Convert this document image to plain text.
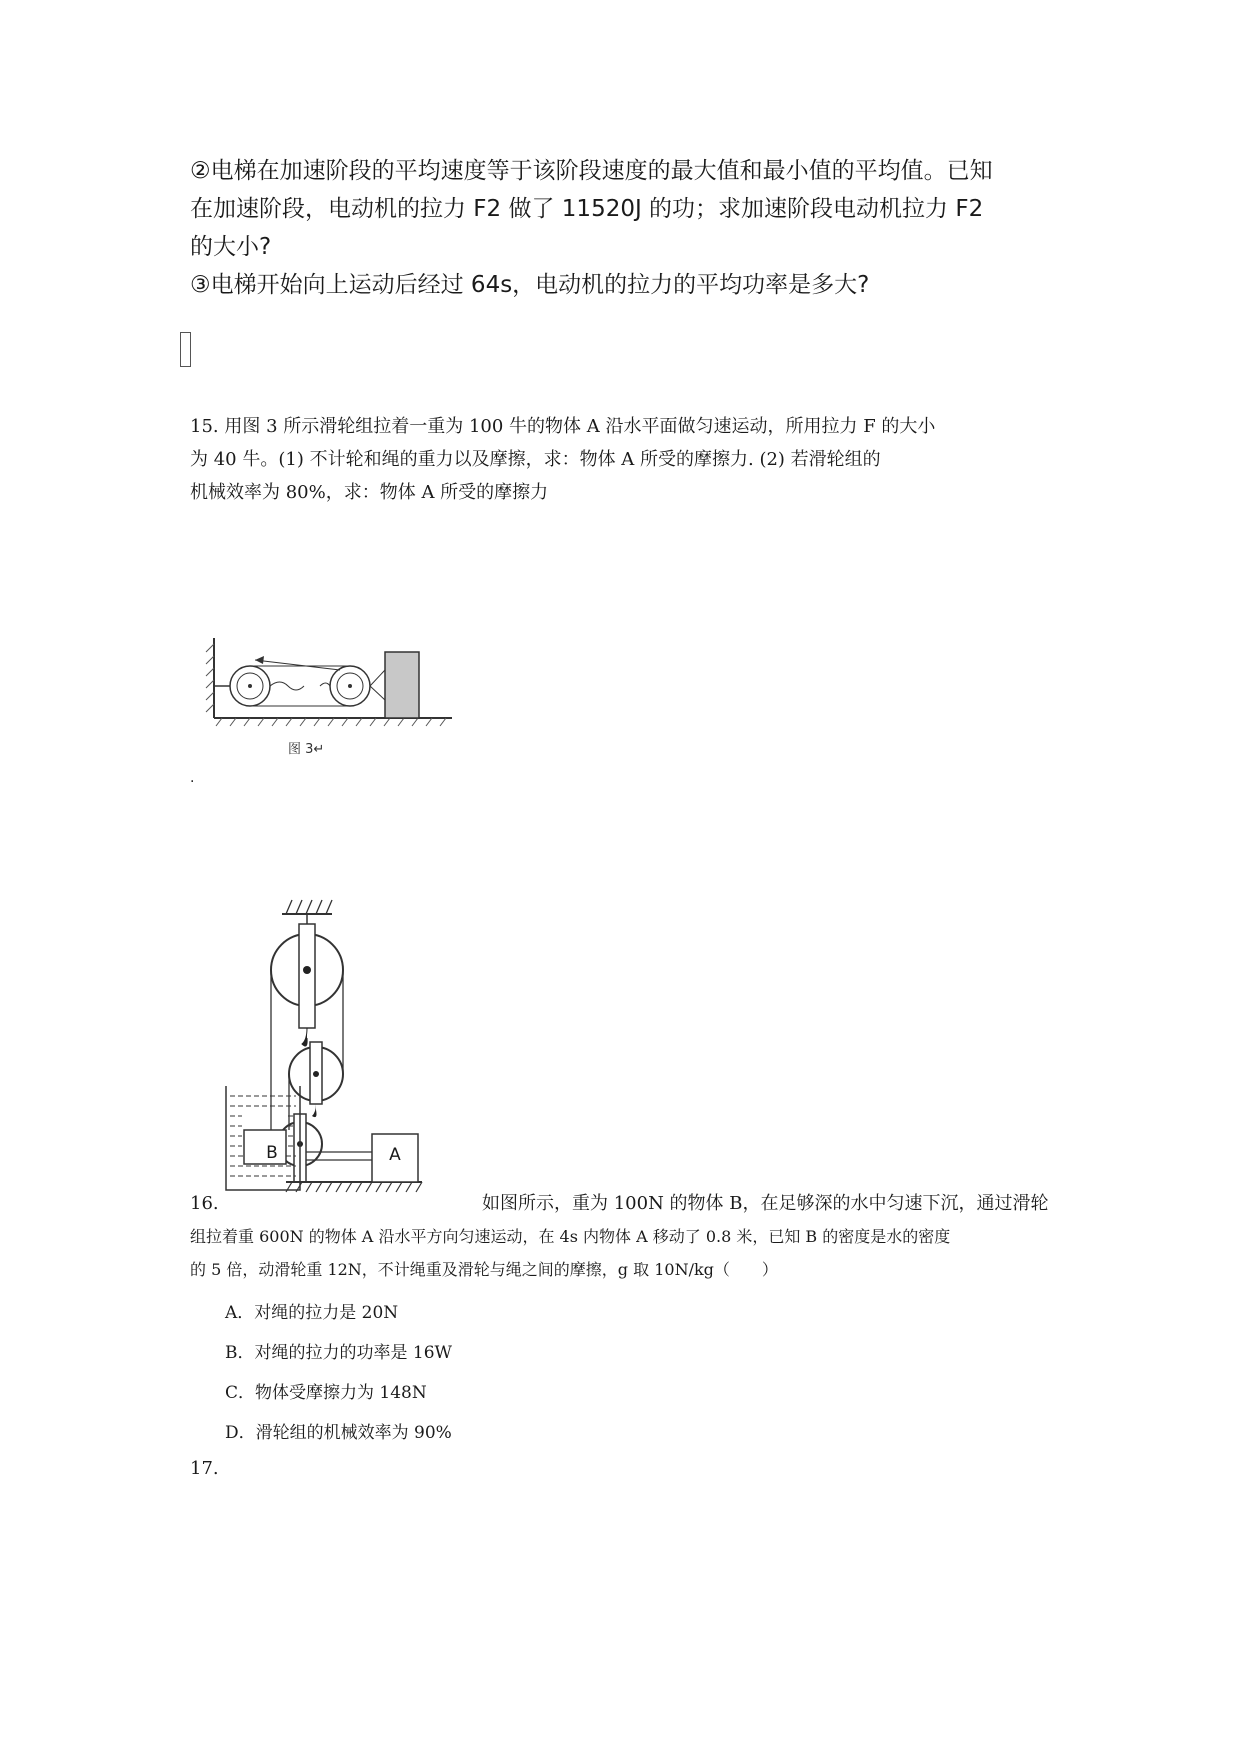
②电梯在加速阶段的平均速度等于该阶段速度的最大值和最小值的平均值。已知
在加速阶段，电动机的拉力 F2 做了 11520J 的功；求加速阶段电动机拉力 F2
的大小?
③电梯开始向上运动后经过 64s，电动机的拉力的平均功率是多大?
15. 用图 3 所示滑轮组拉着一重为 100 牛的物体 A 沿水平面做匀速运动，所用拉力 F 的大小
为 40 牛。(1) 不计轮和绳的重力以及摩擦，求：物体 A 所受的摩擦力. (2) 若滑轮组的
机械效率为 80%，求：物体 A 所受的摩擦力
图 3↵
.
B	A
16.	如图所示，重为 100N 的物体 B，在足够深的水中匀速下沉，通过滑轮
组拉着重 600N 的物体 A 沿水平方向匀速运动，在 4s 内物体 A 移动了 0.8 米，已知 B 的密度是水的密度
的 5 倍，动滑轮重 12N，不计绳重及滑轮与绳之间的摩擦，g 取 10N/kg（　　）
A．对绳的拉力是 20N
B．对绳的拉力的功率是 16W
C．物体受摩擦力为 148N
D．滑轮组的机械效率为 90%
17.
